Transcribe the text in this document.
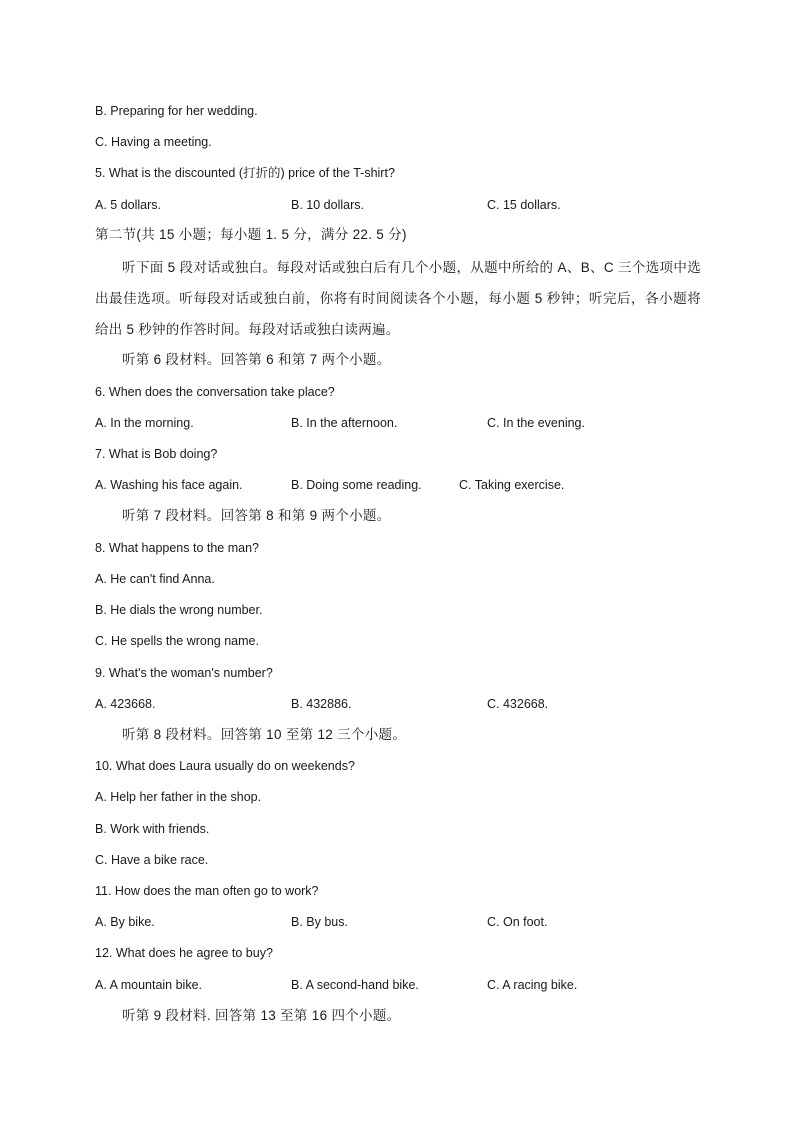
B. Preparing for her wedding.
C. Having a meeting.
5. What is the discounted (打折的) price of the T-shirt?
A. 5 dollars.	B. 10 dollars.	C. 15 dollars.
第二节(共 15 小题；每小题 1. 5 分，满分 22. 5 分)
听下面 5 段对话或独白。每段对话或独白后有几个小题，从题中所给的 A、B、C 三个选项中选出最佳选项。听每段对话或独白前，你将有时间阅读各个小题，每小题 5 秒钟；听完后，各小题将给出 5 秒钟的作答时间。每段对话或独白读两遍。
听第 6 段材料。回答第 6 和第 7 两个小题。
6. When does the conversation take place?
A. In the morning.	B. In the afternoon.	C. In the evening.
7. What is Bob doing?
A. Washing his face again.	B. Doing some reading.	C. Taking exercise.
听第 7 段材料。回答第 8 和第 9 两个小题。
8. What happens to the man?
A. He can't find Anna.
B. He dials the wrong number.
C. He spells the wrong name.
9. What's the woman's number?
A. 423668.	B. 432886.	C. 432668.
听第 8 段材料。回答第 10 至第 12 三个小题。
10. What does Laura usually do on weekends?
A. Help her father in the shop.
B. Work with friends.
C. Have a bike race.
11. How does the man often go to work?
A. By bike.	B. By bus.	C. On foot.
12. What does he agree to buy?
A. A mountain bike.	B. A second-hand bike.	C. A racing bike.
听第 9 段材料. 回答第 13 至第 16 四个小题。
